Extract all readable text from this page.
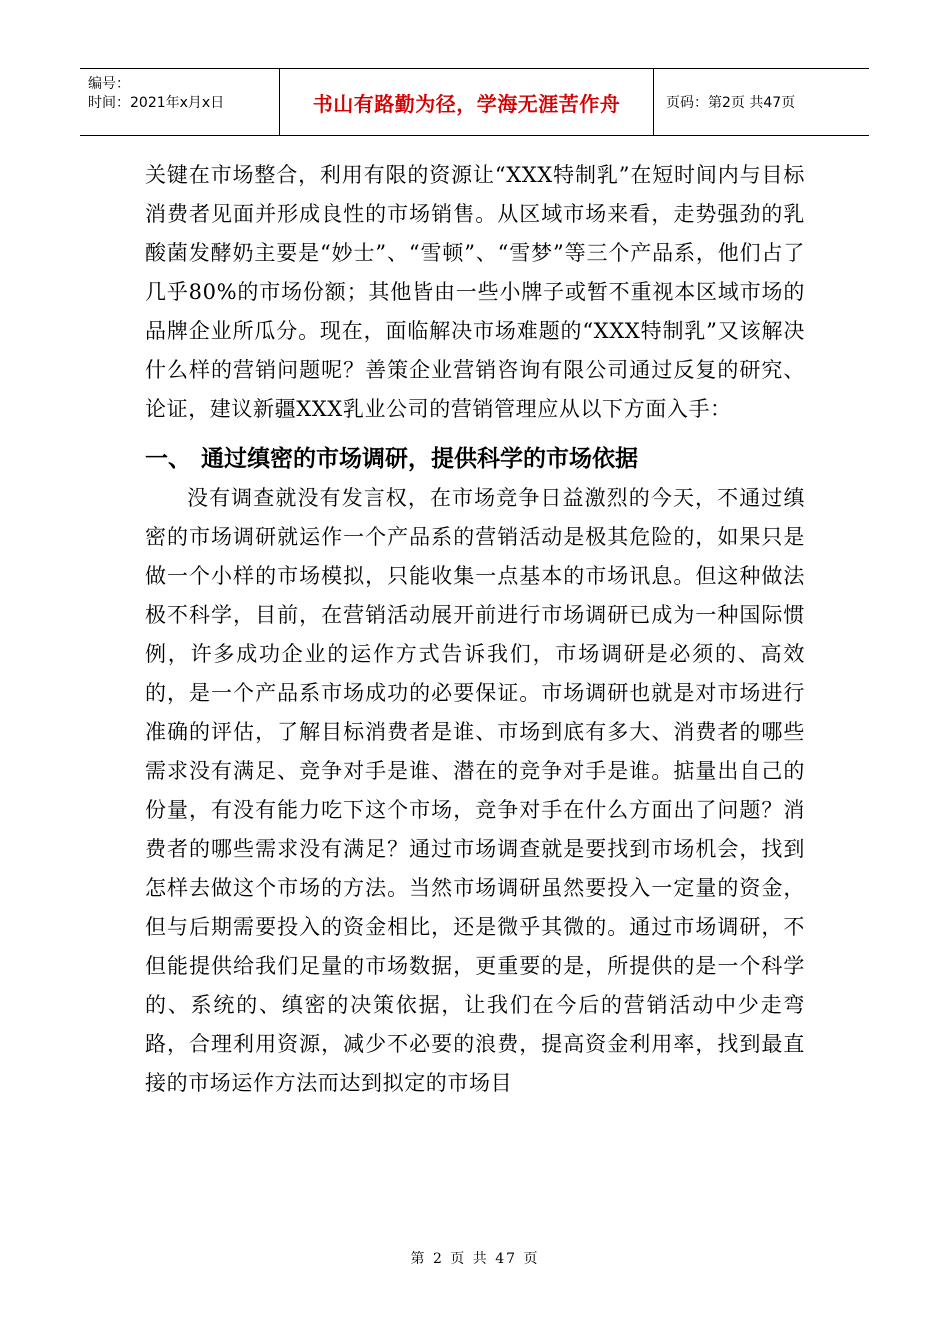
编号：
时间：2021年x月x日	书山有路勤为径，学海无涯苦作舟	页码：第2页 共47页

关键在市场整合，利用有限的资源让“XXX特制乳”在短时间内与目标消费者见面并形成良性的市场销售。从区域市场来看，走势强劲的乳酸菌发酵奶主要是“妙士”、“雪顿”、“雪梦”等三个产品系，他们占了几乎80%的市场份额；其他皆由一些小牌子或暂不重视本区域市场的品牌企业所瓜分。现在，面临解决市场难题的“XXX特制乳”又该解决什么样的营销问题呢？善策企业营销咨询有限公司通过反复的研究、论证，建议新疆XXX乳业公司的营销管理应从以下方面入手：

一、 通过缜密的市场调研，提供科学的市场依据

没有调查就没有发言权，在市场竞争日益激烈的今天，不通过缜密的市场调研就运作一个产品系的营销活动是极其危险的，如果只是做一个小样的市场模拟，只能收集一点基本的市场讯息。但这种做法极不科学，目前，在营销活动展开前进行市场调研已成为一种国际惯例，许多成功企业的运作方式告诉我们，市场调研是必须的、高效的，是一个产品系市场成功的必要保证。市场调研也就是对市场进行准确的评估，了解目标消费者是谁、市场到底有多大、消费者的哪些需求没有满足、竞争对手是谁、潜在的竞争对手是谁。掂量出自己的份量，有没有能力吃下这个市场，竞争对手在什么方面出了问题？消费者的哪些需求没有满足？通过市场调查就是要找到市场机会，找到怎样去做这个市场的方法。当然市场调研虽然要投入一定量的资金，但与后期需要投入的资金相比，还是微乎其微的。通过市场调研，不但能提供给我们足量的市场数据，更重要的是，所提供的是一个科学的、系统的、缜密的决策依据，让我们在今后的营销活动中少走弯路，合理利用资源，减少不必要的浪费，提高资金利用率，找到最直接的市场运作方法而达到拟定的市场目

第 2 页 共 47 页
